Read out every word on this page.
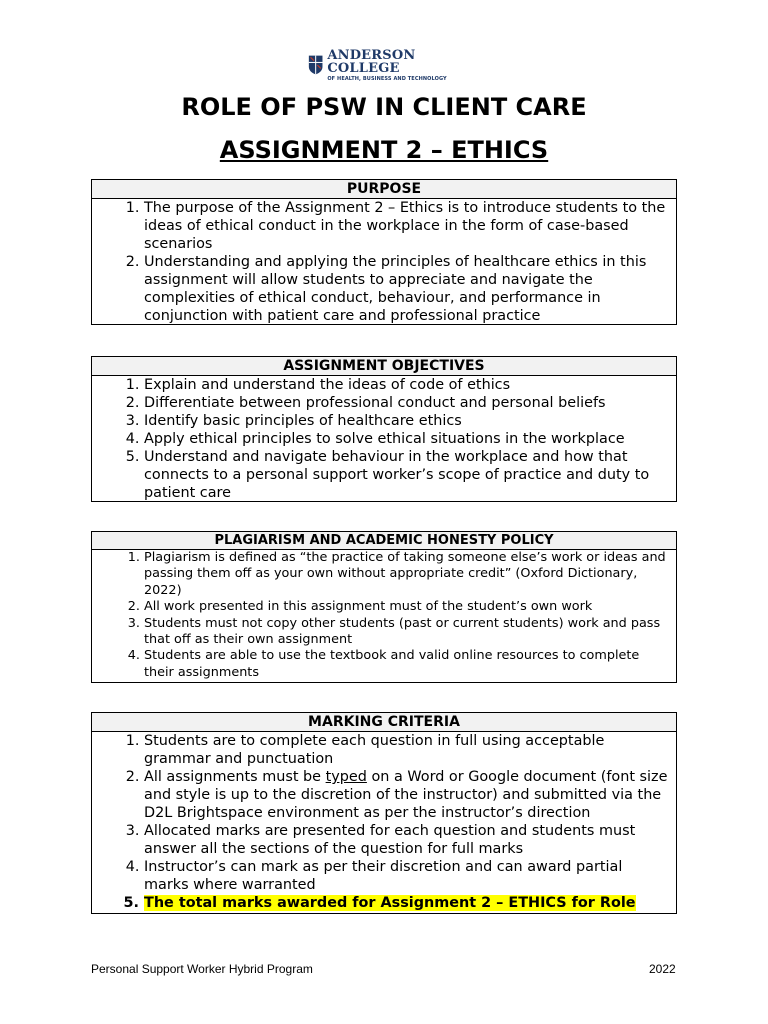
ANDERSON COLLEGE
OF HEALTH, BUSINESS AND TECHNOLOGY
ROLE OF PSW IN CLIENT CARE
ASSIGNMENT 2 – ETHICS
PURPOSE
1. The purpose of the Assignment 2 – Ethics is to introduce students to the ideas of ethical conduct in the workplace in the form of case-based scenarios
2. Understanding and applying the principles of healthcare ethics in this assignment will allow students to appreciate and navigate the complexities of ethical conduct, behaviour, and performance in conjunction with patient care and professional practice
ASSIGNMENT OBJECTIVES
1. Explain and understand the ideas of code of ethics
2. Differentiate between professional conduct and personal beliefs
3. Identify basic principles of healthcare ethics
4. Apply ethical principles to solve ethical situations in the workplace
5. Understand and navigate behaviour in the workplace and how that connects to a personal support worker’s scope of practice and duty to patient care
PLAGIARISM AND ACADEMIC HONESTY POLICY
1. Plagiarism is defined as “the practice of taking someone else’s work or ideas and passing them off as your own without appropriate credit” (Oxford Dictionary, 2022)
2. All work presented in this assignment must of the student’s own work
3. Students must not copy other students (past or current students) work and pass that off as their own assignment
4. Students are able to use the textbook and valid online resources to complete their assignments
MARKING CRITERIA
1. Students are to complete each question in full using acceptable grammar and punctuation
2. All assignments must be typed on a Word or Google document (font size and style is up to the discretion of the instructor) and submitted via the D2L Brightspace environment as per the instructor’s direction
3. Allocated marks are presented for each question and students must answer all the sections of the question for full marks
4. Instructor’s can mark as per their discretion and can award partial marks where warranted
5. The total marks awarded for Assignment 2 – ETHICS for Role
Personal Support Worker Hybrid Program	2022
